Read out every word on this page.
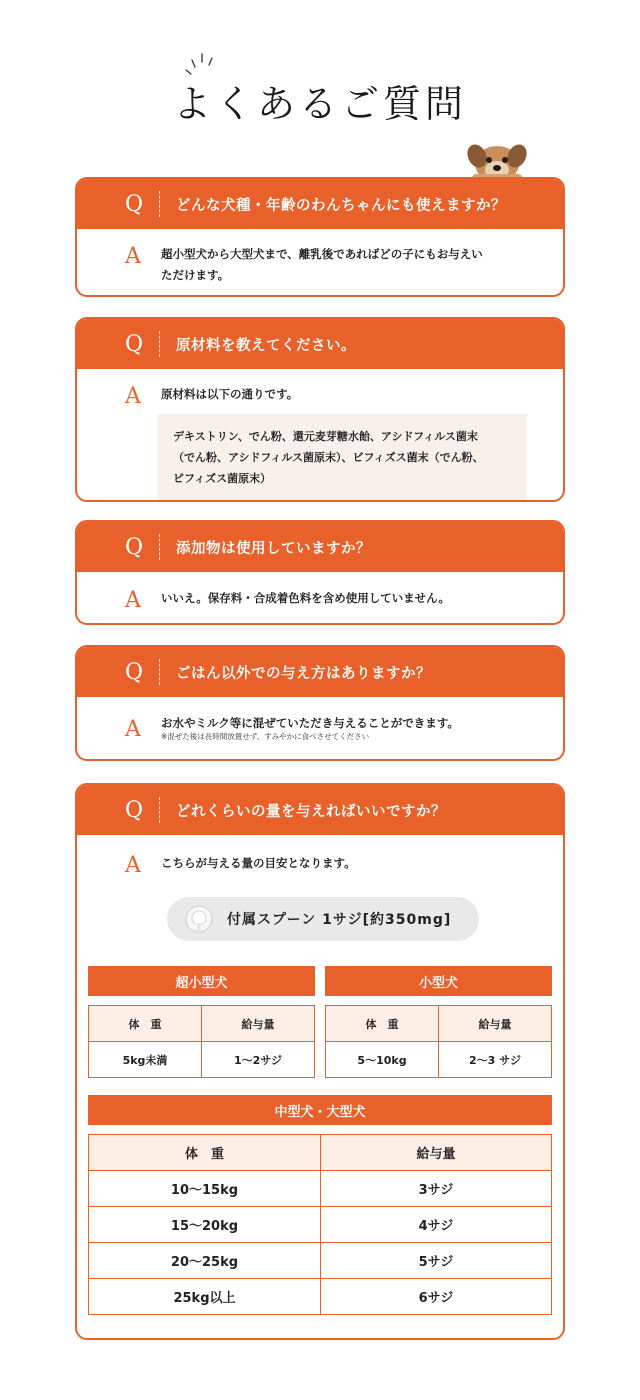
よくあるご質問
Q	どんな犬種・年齢のわんちゃんにも使えますか？
A	超小型犬から大型犬まで、離乳後であればどの子にもお与えい
ただけます。
Q	原材料を教えてください。
A	原材料は以下の通りです。
デキストリン、でん粉、還元麦芽糖水飴、アシドフィルス菌末
（でん粉、アシドフィルス菌原末）、ビフィズス菌末（でん粉、
ビフィズス菌原末）
Q	添加物は使用していますか？
A	いいえ。保存料・合成着色料を含め使用していません。
Q	ごはん以外での与え方はありますか？
A	お水やミルク等に混ぜていただき与えることができます。
※混ぜた後は長時間放置せず、すみやかに食べさせてください
Q	どれくらいの量を与えればいいですか？
A	こちらが与える量の目安となります。
付属スプーン 1サジ[約350mg]
超小型犬
体　重	給与量
5kg未満	1～2サジ
小型犬
体　重	給与量
5～10kg	2～3 サジ
中型犬・大型犬
体　重	給与量
10～15kg	3サジ
15～20kg	4サジ
20～25kg	5サジ
25kg以上	6サジ
